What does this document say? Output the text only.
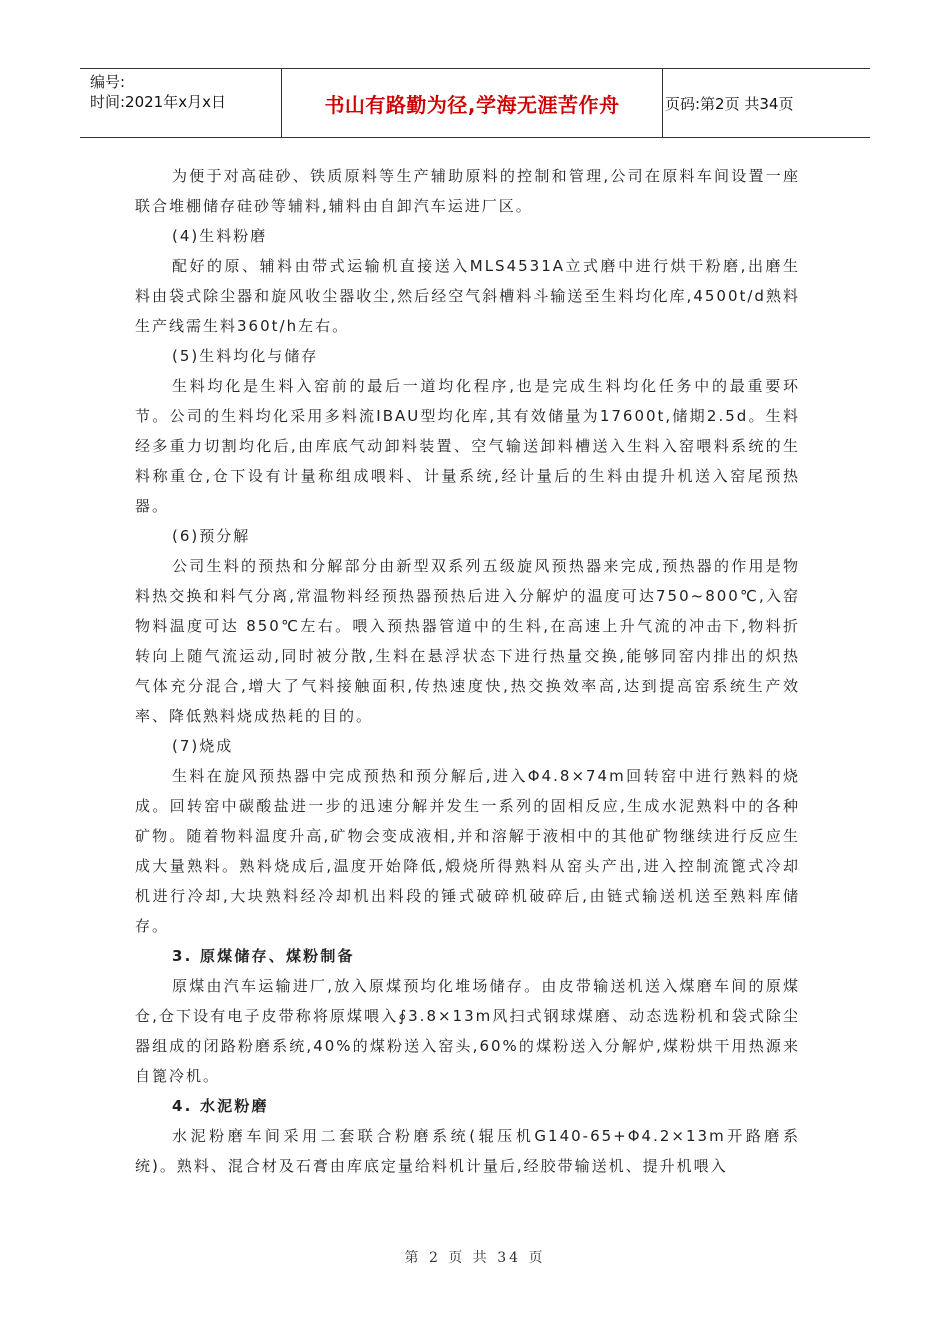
编号:
时间:2021年x月x日	书山有路勤为径,学海无涯苦作舟	页码:第2页 共34页

为便于对高硅砂、铁质原料等生产辅助原料的控制和管理,公司在原料车间设置一座联合堆棚储存硅砂等辅料,辅料由自卸汽车运进厂区。

(4)生料粉磨

配好的原、辅料由带式运输机直接送入MLS4531A立式磨中进行烘干粉磨,出磨生料由袋式除尘器和旋风收尘器收尘,然后经空气斜槽料斗输送至生料均化库,4500t/d熟料生产线需生料360t/h左右。

(5)生料均化与储存

生料均化是生料入窑前的最后一道均化程序,也是完成生料均化任务中的最重要环节。公司的生料均化采用多料流IBAU型均化库,其有效储量为17600t,储期2.5d。生料经多重力切割均化后,由库底气动卸料装置、空气输送卸料槽送入生料入窑喂料系统的生料称重仓,仓下设有计量称组成喂料、计量系统,经计量后的生料由提升机送入窑尾预热器。

(6)预分解

公司生料的预热和分解部分由新型双系列五级旋风预热器来完成,预热器的作用是物料热交换和料气分离,常温物料经预热器预热后进入分解炉的温度可达750~800℃,入窑物料温度可达 850℃左右。喂入预热器管道中的生料,在高速上升气流的冲击下,物料折转向上随气流运动,同时被分散,生料在悬浮状态下进行热量交换,能够同窑内排出的炽热气体充分混合,增大了气料接触面积,传热速度快,热交换效率高,达到提高窑系统生产效率、降低熟料烧成热耗的目的。

(7)烧成

生料在旋风预热器中完成预热和预分解后,进入Φ4.8×74m回转窑中进行熟料的烧成。回转窑中碳酸盐进一步的迅速分解并发生一系列的固相反应,生成水泥熟料中的各种矿物。随着物料温度升高,矿物会变成液相,并和溶解于液相中的其他矿物继续进行反应生成大量熟料。熟料烧成后,温度开始降低,煅烧所得熟料从窑头产出,进入控制流篦式冷却机进行冷却,大块熟料经冷却机出料段的锤式破碎机破碎后,由链式输送机送至熟料库储存。

3. 原煤储存、煤粉制备

原煤由汽车运输进厂,放入原煤预均化堆场储存。由皮带输送机送入煤磨车间的原煤仓,仓下设有电子皮带称将原煤喂入∮3.8×13m风扫式钢球煤磨、动态选粉机和袋式除尘器组成的闭路粉磨系统,40%的煤粉送入窑头,60%的煤粉送入分解炉,煤粉烘干用热源来自篦冷机。

4. 水泥粉磨

水泥粉磨车间采用二套联合粉磨系统(辊压机G140-65+Φ4.2×13m开路磨系统)。熟料、混合材及石膏由库底定量给料机计量后,经胶带输送机、提升机喂入

第 2 页 共 34 页
